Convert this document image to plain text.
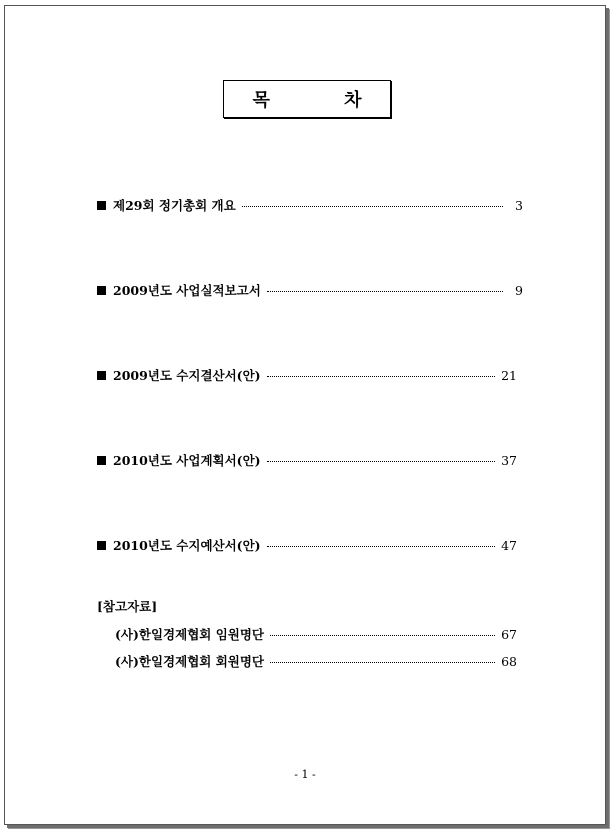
목 차
제29회 정기총회 개요	3
2009년도 사업실적보고서	9
2009년도 수지결산서(안)	21
2010년도 사업계획서(안)	37
2010년도 수지예산서(안)	47
[참고자료]
(사)한일경제협회 임원명단	67
(사)한일경제협회 회원명단	68
- 1 -
